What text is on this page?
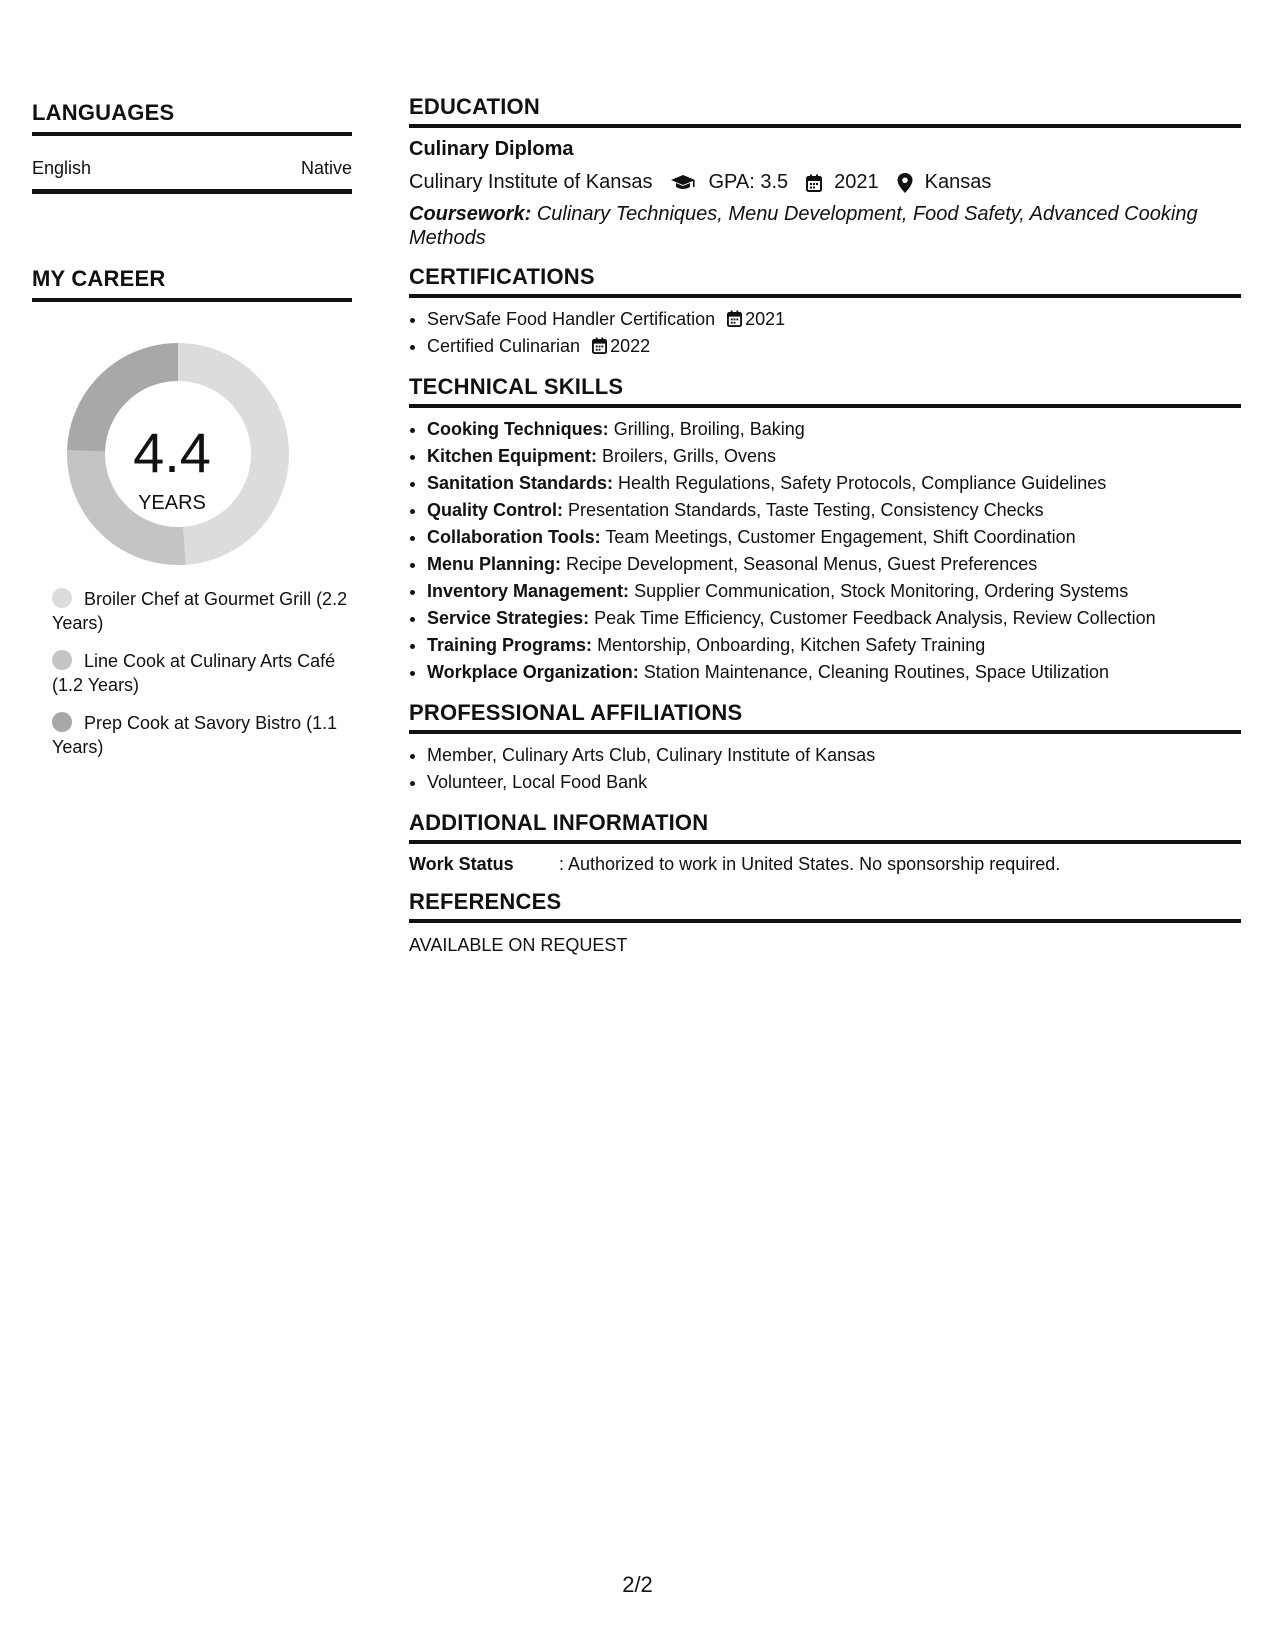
LANGUAGES
English	Native
MY CAREER
4.4
YEARS
Broiler Chef at Gourmet Grill (2.2 Years)
Line Cook at Culinary Arts Café (1.2 Years)
Prep Cook at Savory Bistro (1.1 Years)
EDUCATION
Culinary Diploma
Culinary Institute of Kansas	GPA: 3.5 2021 Kansas
Coursework: Culinary Techniques, Menu Development, Food Safety, Advanced Cooking Methods
CERTIFICATIONS
• ServSafe Food Handler Certification 2021
• Certified Culinarian 2022
TECHNICAL SKILLS
• Cooking Techniques: Grilling, Broiling, Baking
• Kitchen Equipment: Broilers, Grills, Ovens
• Sanitation Standards: Health Regulations, Safety Protocols, Compliance Guidelines
• Quality Control: Presentation Standards, Taste Testing, Consistency Checks
• Collaboration Tools: Team Meetings, Customer Engagement, Shift Coordination
• Menu Planning: Recipe Development, Seasonal Menus, Guest Preferences
• Inventory Management: Supplier Communication, Stock Monitoring, Ordering Systems
• Service Strategies: Peak Time Efficiency, Customer Feedback Analysis, Review Collection
• Training Programs: Mentorship, Onboarding, Kitchen Safety Training
• Workplace Organization: Station Maintenance, Cleaning Routines, Space Utilization
PROFESSIONAL AFFILIATIONS
• Member, Culinary Arts Club, Culinary Institute of Kansas
• Volunteer, Local Food Bank
ADDITIONAL INFORMATION
Work Status	: Authorized to work in United States. No sponsorship required.
REFERENCES
AVAILABLE ON REQUEST
2/2
